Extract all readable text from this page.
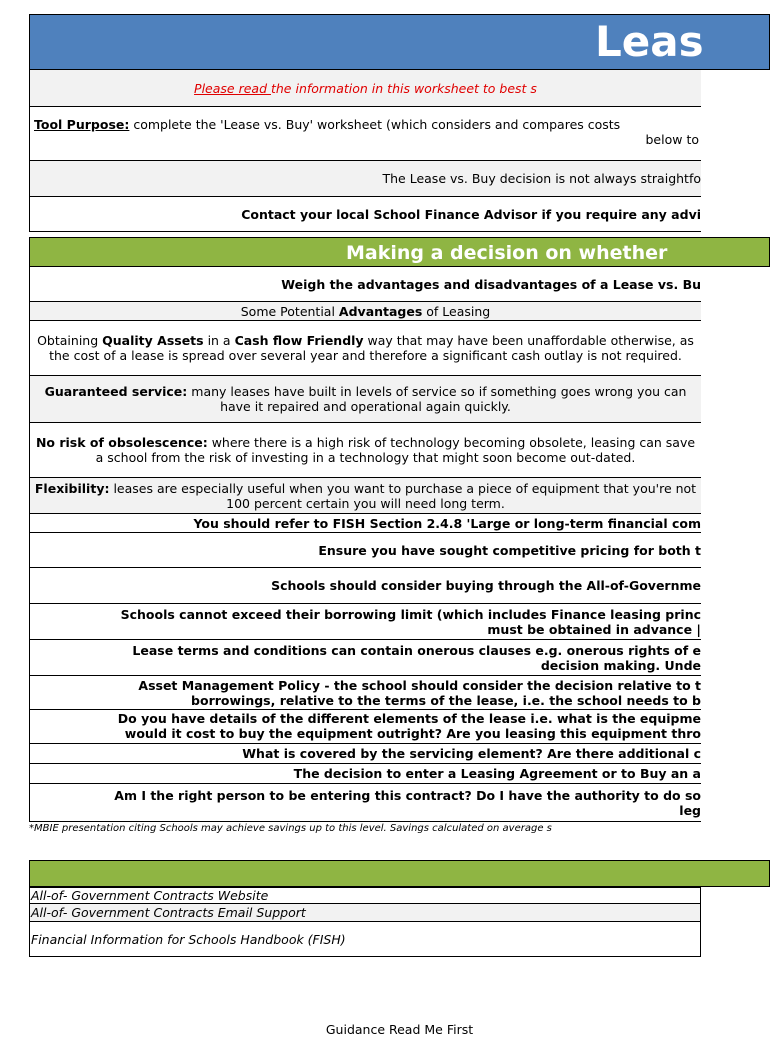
Leas
Please read the information in this worksheet to best s
Tool Purpose: complete the 'Lease vs. Buy' worksheet (which considers and compares costs
below to
The Lease vs. Buy decision is not always straightfo
Contact your local School Finance Advisor if you require any advi
Making a decision on whether
Weigh the advantages and disadvantages of a Lease vs. Bu
Some Potential Advantages of Leasing
Obtaining Quality Assets in a Cash flow Friendly way that may have been unaffordable otherwise, as the cost of a lease is spread over several year and therefore a significant cash outlay is not required.
Guaranteed service: many leases have built in levels of service so if something goes wrong you can have it repaired and operational again quickly.
No risk of obsolescence: where there is a high risk of technology becoming obsolete, leasing can save a school from the risk of investing in a technology that might soon become out-dated.
Flexibility: leases are especially useful when you want to purchase a piece of equipment that you're not 100 percent certain you will need long term.
You should refer to FISH Section 2.4.8 'Large or long-term financial com
Ensure you have sought competitive pricing for both t
Schools should consider buying through the All-of-Governme
Schools cannot exceed their borrowing limit (which includes Finance leasing princ
must be obtained in advance |
Lease terms and conditions can contain onerous clauses e.g. onerous rights of e
decision making. Unde
Asset Management Policy - the school should consider the decision relative to t
borrowings, relative to the terms of the lease, i.e. the school needs to b
Do you have details of the different elements of the lease i.e. what is the equipme
would it cost to buy the equipment outright? Are you leasing this equipment thro
What is covered by the servicing element? Are there additional c
The decision to enter a Leasing Agreement or to Buy an a
Am I the right person to be entering this contract? Do I have the authority to do so
leg
*MBIE presentation citing Schools may achieve savings up to this level. Savings calculated on average s
All-of- Government Contracts Website
All-of- Government Contracts Email Support
Financial Information for Schools Handbook (FISH)
Guidance Read Me First
